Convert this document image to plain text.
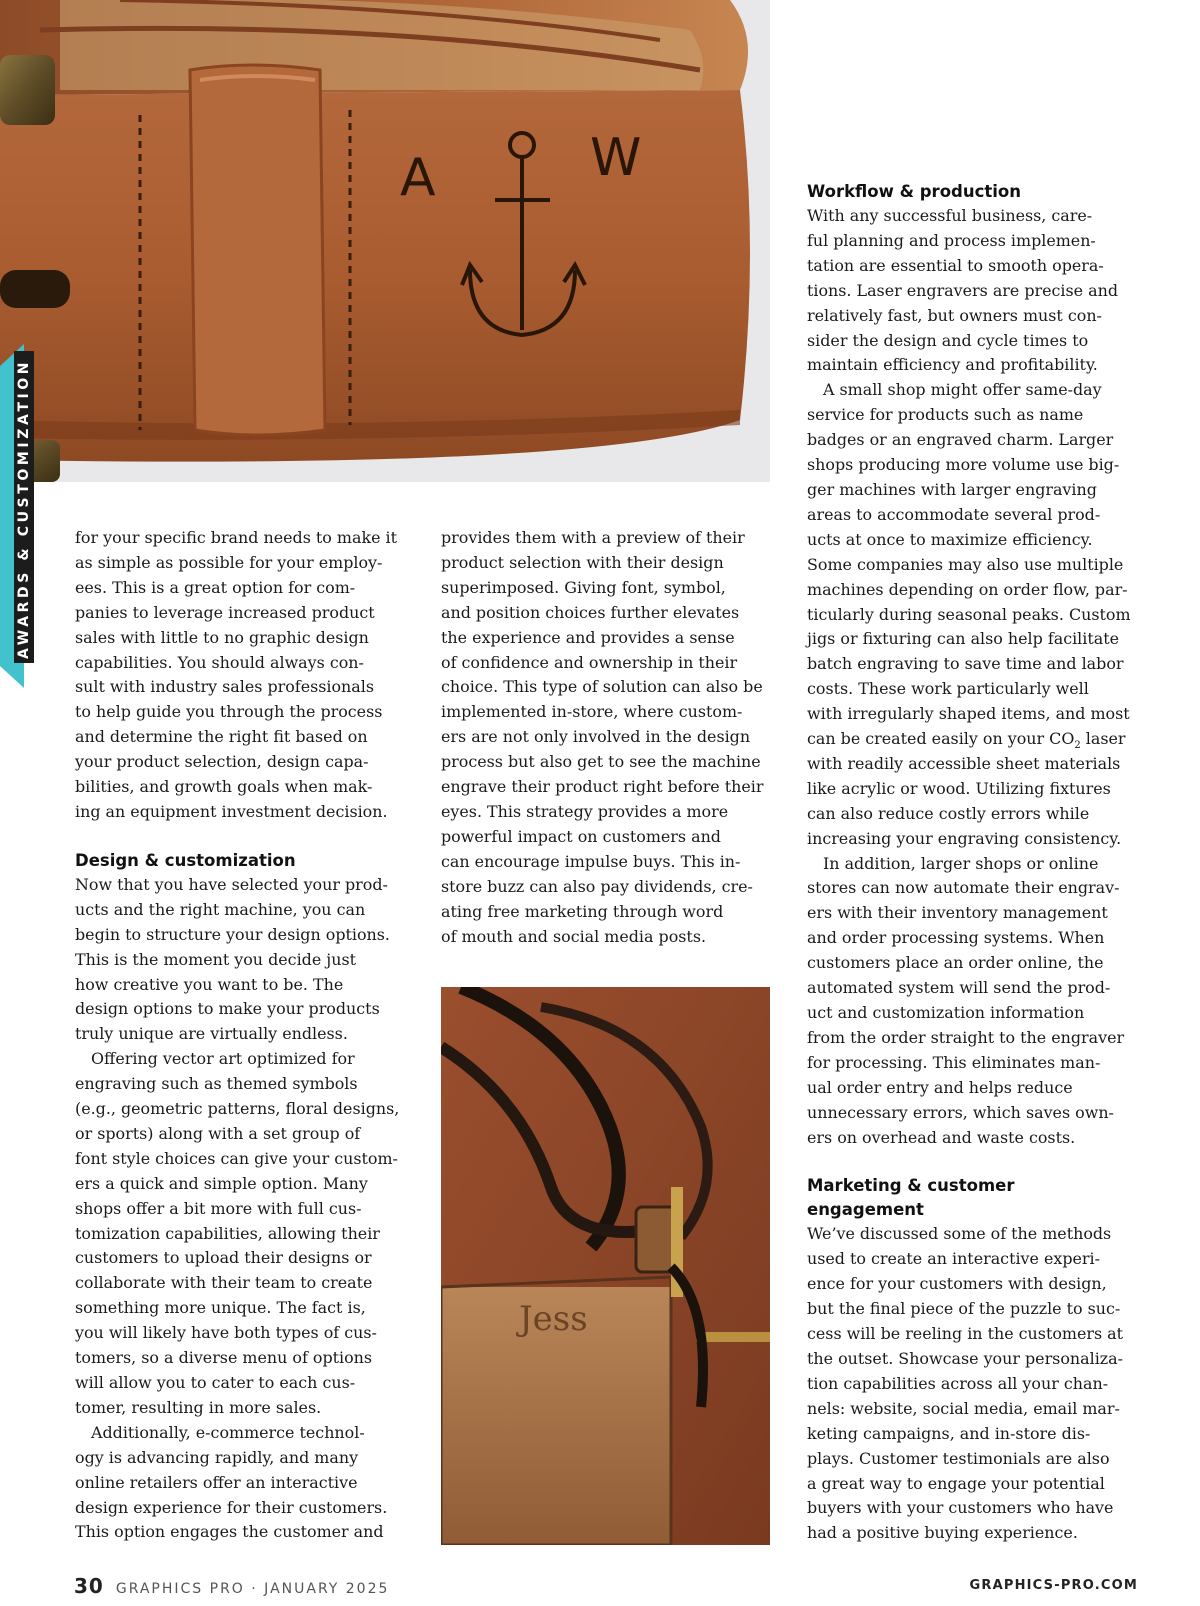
A	W
AWARDS & CUSTOMIZATION	for your specific brand needs to make it

as simple as possible for your employ-

ees. This is a great option for com-

panies to leverage increased product

sales with little to no graphic design

capabilities. You should always con-

sult with industry sales professionals

to help guide you through the process

and determine the right fit based on

your product selection, design capa-

bilities, and growth goals when mak-

ing an equipment investment decision.

Design & customization

Now that you have selected your prod-

ucts and the right machine, you can

begin to structure your design options.

This is the moment you decide just

how creative you want to be. The

design options to make your products

truly unique are virtually endless.

Offering vector art optimized for

engraving such as themed symbols

(e.g., geometric patterns, floral designs,

or sports) along with a set group of

font style choices can give your custom-

ers a quick and simple option. Many

shops offer a bit more with full cus-

tomization capabilities, allowing their

customers to upload their designs or

collaborate with their team to create

something more unique. The fact is,

you will likely have both types of cus-

tomers, so a diverse menu of options

will allow you to cater to each cus-

tomer, resulting in more sales.

Additionally, e-commerce technol-

ogy is advancing rapidly, and many

online retailers offer an interactive

design experience for their customers.

This option engages the customer and

provides them with a preview of their

product selection with their design

superimposed. Giving font, symbol,

and position choices further elevates

the experience and provides a sense

of confidence and ownership in their

choice. This type of solution can also be

implemented in-store, where custom-

ers are not only involved in the design

process but also get to see the machine

engrave their product right before their

eyes. This strategy provides a more

powerful impact on customers and

can encourage impulse buys. This in-

store buzz can also pay dividends, cre-

ating free marketing through word

of mouth and social media posts.

Jess
Workflow & production

With any successful business, care-

ful planning and process implemen-

tation are essential to smooth opera-

tions. Laser engravers are precise and

relatively fast, but owners must con-

sider the design and cycle times to

maintain efficiency and profitability.

A small shop might offer same-day

service for products such as name

badges or an engraved charm. Larger

shops producing more volume use big-

ger machines with larger engraving

areas to accommodate several prod-

ucts at once to maximize efficiency.

Some companies may also use multiple

machines depending on order flow, par-

ticularly during seasonal peaks. Custom

jigs or fixturing can also help facilitate

batch engraving to save time and labor

costs. These work particularly well

with irregularly shaped items, and most

can be created easily on your $CO_2$ laser

with readily accessible sheet materials

like acrylic or wood. Utilizing fixtures

can also reduce costly errors while

increasing your engraving consistency.

In addition, larger shops or online

stores can now automate their engrav-

ers with their inventory management

and order processing systems. When

customers place an order online, the

automated system will send the prod-

uct and customization information

from the order straight to the engraver

for processing. This eliminates man-

ual order entry and helps reduce

unnecessary errors, which saves own-

ers on overhead and waste costs.

Marketing & customer
engagement

We’ve discussed some of the methods

used to create an interactive experi-

ence for your customers with design,

but the final piece of the puzzle to suc-

cess will be reeling in the customers at

the outset. Showcase your personaliza-

tion capabilities across all your chan-

nels: website, social media, email mar-

keting campaigns, and in-store dis-

plays. Customer testimonials are also

a great way to engage your potential

buyers with your customers who have

had a positive buying experience.

30 GRAPHICS PRO · JANUARY 2025	GRAPHICS-PRO.COM
